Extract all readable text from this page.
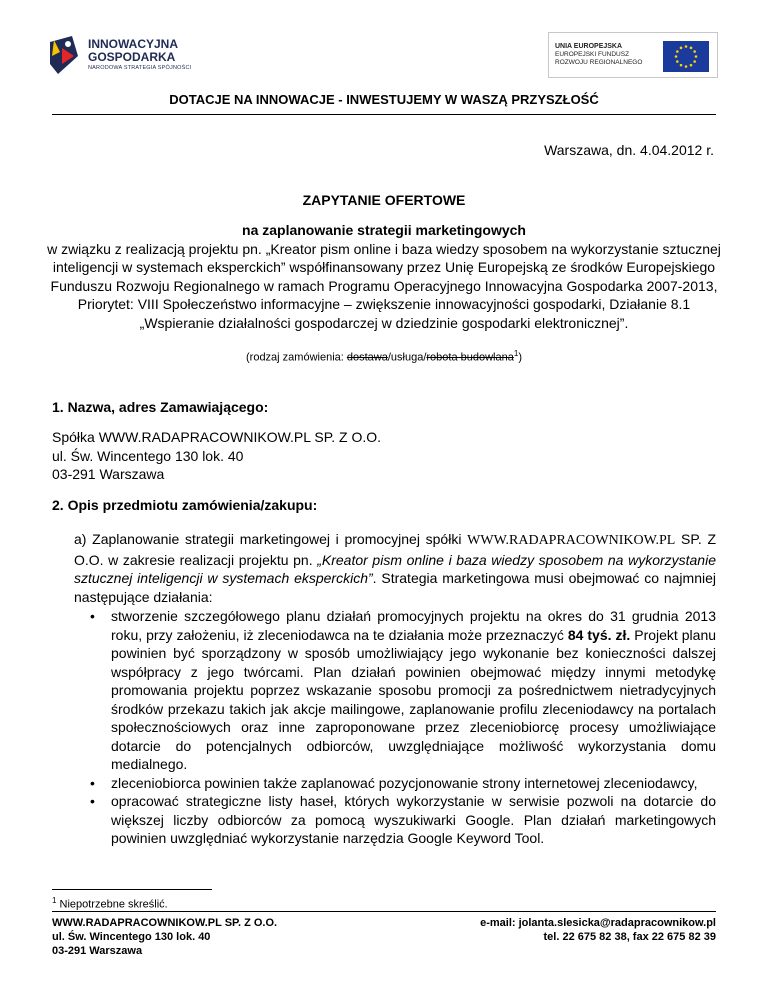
INNOWACYJNA
GOSPODARKA
NARODOWA STRATEGIA SPÓJNOŚCI
UNIA EUROPEJSKA
EUROPEJSKI FUNDUSZ
ROZWOJU REGIONALNEGO
DOTACJE NA INNOWACJE - INWESTUJEMY W WASZĄ PRZYSZŁOŚĆ
Warszawa, dn. 4.04.2012 r.
ZAPYTANIE OFERTOWE
na zaplanowanie strategii marketingowych
w związku z realizacją projektu pn. „Kreator pism online i baza wiedzy sposobem na wykorzystanie sztucznej inteligencji w systemach eksperckich” współfinansowany przez Unię Europejską ze środków Europejskiego Funduszu Rozwoju Regionalnego w ramach Programu Operacyjnego Innowacyjna Gospodarka 2007-2013, Priorytet: VIII Społeczeństwo informacyjne – zwiększenie innowacyjności gospodarki, Działanie 8.1 „Wspieranie działalności gospodarczej w dziedzinie gospodarki elektronicznej”.
(rodzaj zamówienia: dostawa/usługa/robota budowlana$^1$)
1. Nazwa, adres Zamawiającego:
Spółka WWW.RADAPRACOWNIKOW.PL SP. Z O.O.
ul. Św. Wincentego 130 lok. 40
03-291 Warszawa
2. Opis przedmiotu zamówienia/zakupu:
a) Zaplanowanie strategii marketingowej i promocyjnej spółki WWW.RADAPRACOWNIKOW.PL SP. Z O.O. w zakresie realizacji projektu pn. „Kreator pism online i baza wiedzy sposobem na wykorzystanie sztucznej inteligencji w systemach eksperckich”. Strategia marketingowa musi obejmować co najmniej następujące działania:
• stworzenie szczegółowego planu działań promocyjnych projektu na okres do 31 grudnia 2013 roku, przy założeniu, iż zleceniodawca na te działania może przeznaczyć 84 tyś. zł. Projekt planu powinien być sporządzony w sposób umożliwiający jego wykonanie bez konieczności dalszej współpracy z jego twórcami. Plan działań powinien obejmować między innymi metodykę promowania projektu poprzez wskazanie sposobu promocji za pośrednictwem nietradycyjnych środków przekazu takich jak akcje mailingowe, zaplanowanie profilu zleceniodawcy na portalach społecznościowych oraz inne zaproponowane przez zleceniobiorcę procesy umożliwiające dotarcie do potencjalnych odbiorców, uwzględniające możliwość wykorzystania domu medialnego.
• zleceniobiorca powinien także zaplanować pozycjonowanie strony internetowej zleceniodawcy,
• opracować strategiczne listy haseł, których wykorzystanie w serwisie pozwoli na dotarcie do większej liczby odbiorców za pomocą wyszukiwarki Google. Plan działań marketingowych powinien uwzględniać wykorzystanie narzędzia Google Keyword Tool.
$^1$ Niepotrzebne skreślić.
WWW.RADAPRACOWNIKOW.PL SP. Z O.O.
ul. Św. Wincentego 130 lok. 40
03-291 Warszawa
e-mail: jolanta.slesicka@radapracownikow.pl
tel. 22 675 82 38, fax 22 675 82 39
